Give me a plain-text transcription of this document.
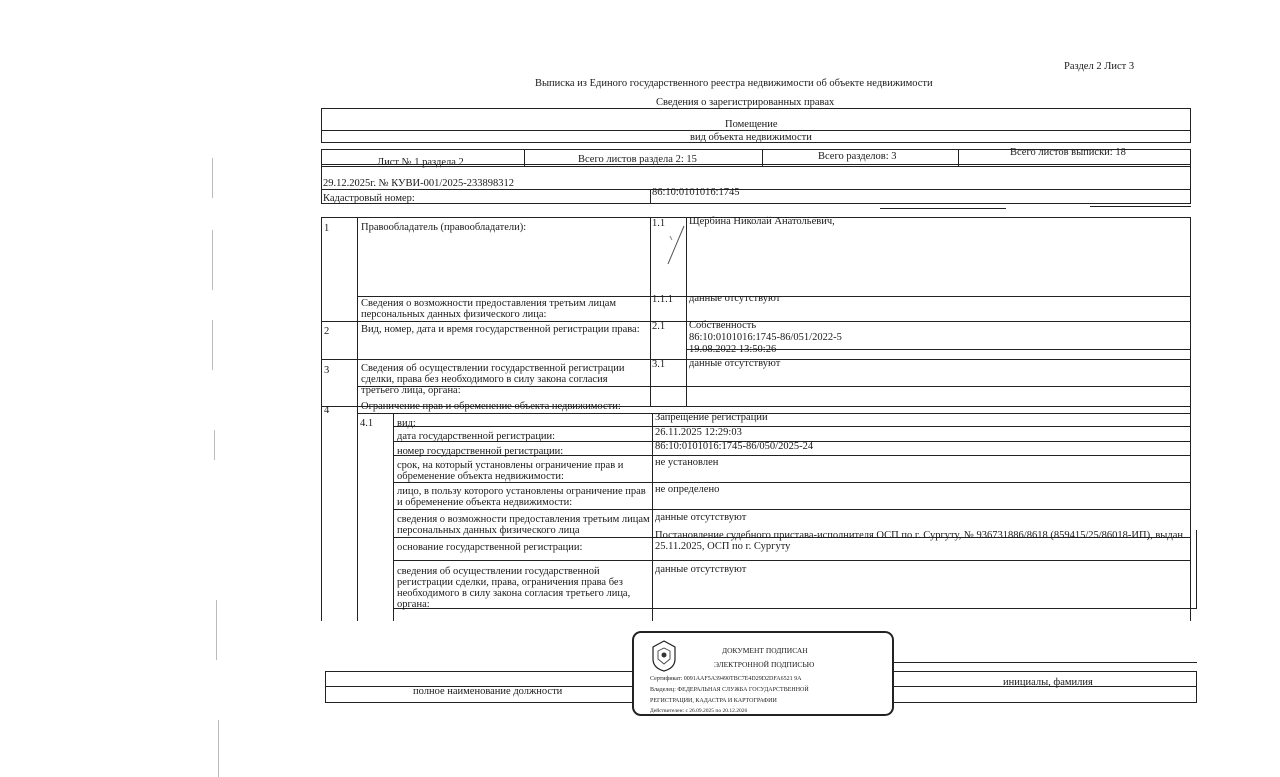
Раздел 2 Лист 3
Выписка из Единого государственного реестра недвижимости об объекте недвижимости
Сведения о зарегистрированных правах
Помещение
вид объекта недвижимости
Лист № 1 раздела 2	Всего листов раздела 2: 15	Всего разделов: 3	Всего листов выписки: 18
29.12.2025г. № КУВИ-001/2025-233898312
Кадастровый номер:
86:10:0101016:1745
1	Правообладатель (правообладатели):	1.1 Щербина Николай Анатольевич,
Сведения о возможности предоставления третьим лицам персональных данных физического лица:
1.1.1 данные отсутствуют
2	Вид, номер, дата и время государственной регистрации права:	2.1 Собственность
86:10:0101016:1745-86/051/2022-5
19.08.2022 13:50:26
3	Сведения об осуществлении государственной регистрации сделки, права без необходимого в силу закона согласия третьего лица, органа:
3.1 данные отсутствуют
4	Ограничение прав и обременение объекта недвижимости:
4.1 вид:
Запрещение регистрации
дата государственной регистрации:	26.11.2025 12:29:03
номер государственной регистрации:	86:10:0101016:1745-86/050/2025-24
срок, на который установлены ограничение прав и обременение объекта недвижимости:
не установлен
лицо, в пользу которого установлены ограничение прав и обременение объекта недвижимости:
не определено
сведения о возможности предоставления третьим лицам персональных данных физического лица
данные отсутствуют
основание государственной регистрации:
Постановление судебного пристава-исполнителя ОСП по г. Сургуту, № 936731886/8618 (859415/25/86018-ИП), выдан 25.11.2025, ОСП по г. Сургуту
сведения об осуществлении государственной регистрации сделки, права, ограничения права без необходимого в силу закона согласия третьего лица, органа:
данные отсутствуют
полное наименование должности
инициалы, фамилия
ДОКУМЕНТ ПОДПИСАН
ЭЛЕКТРОННОЙ ПОДПИСЬЮ
Сертификат: 0091AAF5A39490TBC7E4D29D2DFA6521 9A
Владелец: ФЕДЕРАЛЬНАЯ СЛУЖБА ГОСУДАРСТВЕННОЙ
РЕГИСТРАЦИИ, КАДАСТРА И КАРТОГРАФИИ
Действителен: с 26.09.2025 по 20.12.2026
